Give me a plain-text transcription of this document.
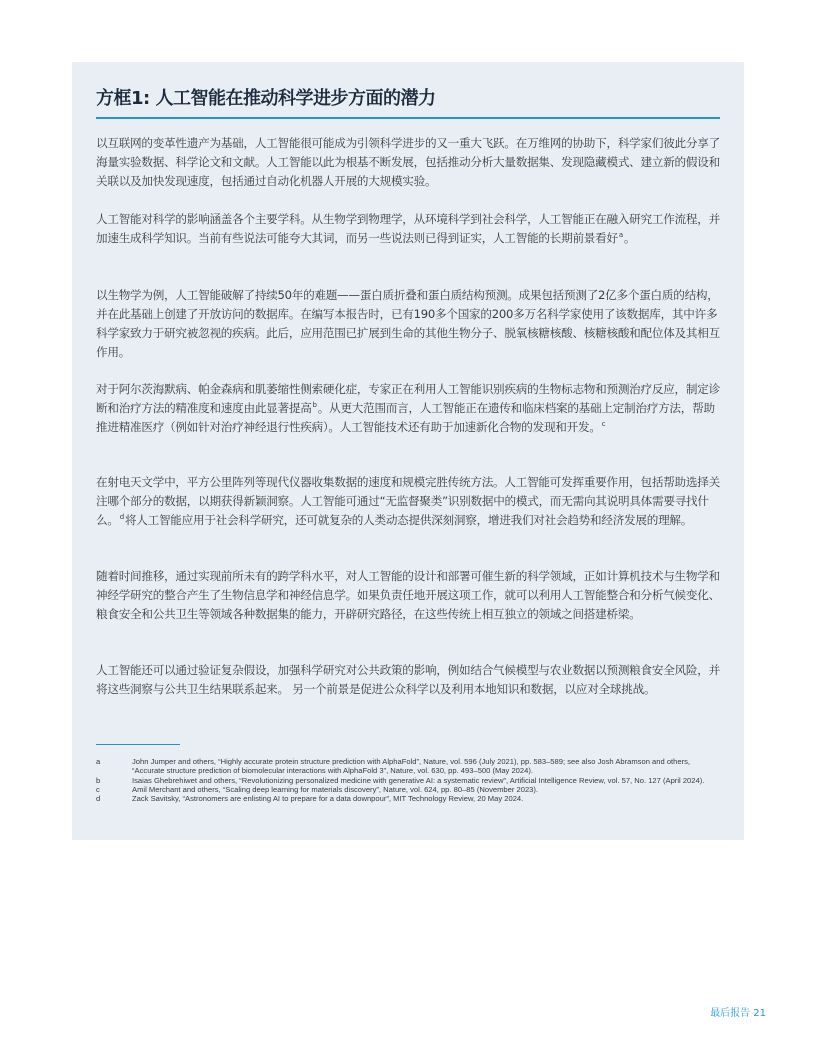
方框1: 人工智能在推动科学进步方面的潜力

以互联网的变革性遗产为基础，人工智能很可能成为引领科学进步的又一重大飞跃。在万维网的协助下，科学家们彼此分享了海量实验数据、科学论文和文献。人工智能以此为根基不断发展，包括推动分析大量数据集、发现隐藏模式、建立新的假设和关联以及加快发现速度，包括通过自动化机器人开展的大规模实验。

人工智能对科学的影响涵盖各个主要学科。从生物学到物理学，从环境科学到社会科学，人工智能正在融入研究工作流程，并加速生成科学知识。当前有些说法可能夸大其词，而另一些说法则已得到证实，人工智能的长期前景看好$^a$。

以生物学为例，人工智能破解了持续50年的难题——蛋白质折叠和蛋白质结构预测。成果包括预测了2亿多个蛋白质的结构，并在此基础上创建了开放访问的数据库。在编写本报告时，已有190多个国家的200多万名科学家使用了该数据库，其中许多科学家致力于研究被忽视的疾病。此后，应用范围已扩展到生命的其他生物分子、脱氧核糖核酸、核糖核酸和配位体及其相互作用。

对于阿尔茨海默病、帕金森病和肌萎缩性侧索硬化症，专家正在利用人工智能识别疾病的生物标志物和预测治疗反应，制定诊断和治疗方法的精准度和速度由此显著提高$^b$。从更大范围而言，人工智能正在遗传和临床档案的基础上定制治疗方法，帮助推进精准医疗（例如针对治疗神经退行性疾病）。人工智能技术还有助于加速新化合物的发现和开发。$^c$

在射电天文学中，平方公里阵列等现代仪器收集数据的速度和规模完胜传统方法。人工智能可发挥重要作用，包括帮助选择关注哪个部分的数据，以期获得新颖洞察。人工智能可通过“无监督聚类”识别数据中的模式，而无需向其说明具体需要寻找什么。$^d$将人工智能应用于社会科学研究，还可就复杂的人类动态提供深刻洞察，增进我们对社会趋势和经济发展的理解。

随着时间推移，通过实现前所未有的跨学科水平，对人工智能的设计和部署可催生新的科学领域，正如计算机技术与生物学和神经学研究的整合产生了生物信息学和神经信息学。如果负责任地开展这项工作，就可以利用人工智能整合和分析气候变化、粮食安全和公共卫生等领域各种数据集的能力，开辟研究路径，在这些传统上相互独立的领域之间搭建桥梁。

人工智能还可以通过验证复杂假设，加强科学研究对公共政策的影响，例如结合气候模型与农业数据以预测粮食安全风险，并将这些洞察与公共卫生结果联系起来。 另一个前景是促进公众科学以及利用本地知识和数据，以应对全球挑战。

a	John Jumper and others, “Highly accurate protein structure prediction with AlphaFold”, Nature, vol. 596 (July 2021), pp. 583–589; see also Josh Abramson and others, “Accurate structure prediction of biomolecular interactions with AlphaFold 3”, Nature, vol. 630, pp. 493–500 (May 2024).
b	Isaias Ghebrehiwet and others, “Revolutionizing personalized medicine with generative AI: a systematic review”, Artificial Intelligence Review, vol. 57, No. 127 (April 2024).
c	Amil Merchant and others, “Scaling deep learning for materials discovery”, Nature, vol. 624, pp. 80–85 (November 2023).
d	Zack Savitsky, “Astronomers are enlisting AI to prepare for a data downpour”, MIT Technology Review, 20 May 2024.
最后报告 21
